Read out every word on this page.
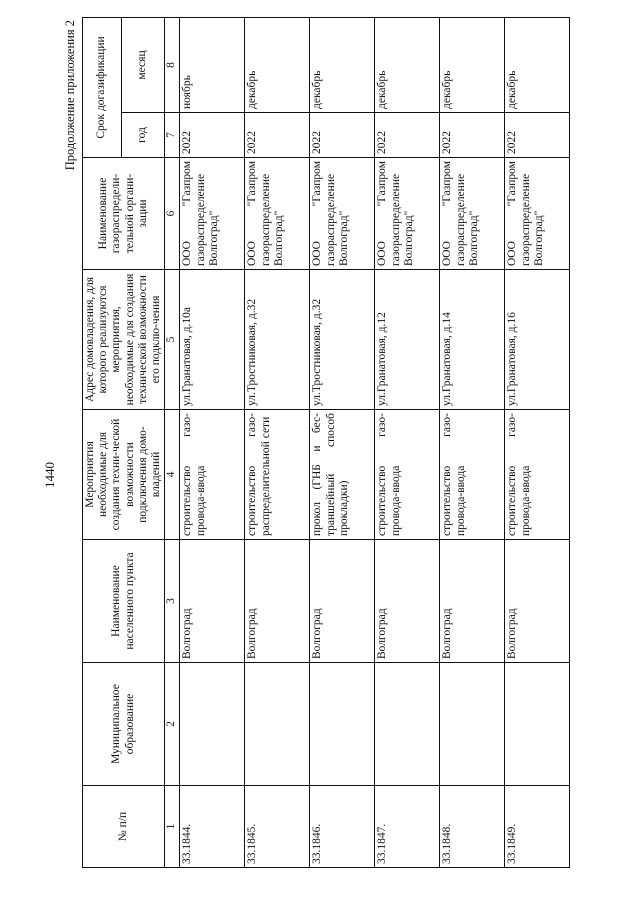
1440
Продолжение приложения 2
№ п/п	Муниципальное образование	Наименование населенного пункта	Мероприятия необходимые для создания техни-ческой возможности подключения домо-владений	Адрес домовладения, для которого реализуются мероприятия, необходимые для создания технической возможности его подклю-чения	Наименование газораспредели-тельной органи-зации	Срок догазификации	
						год	месяц
1	2	3	4	5	6	7	8
33.1844.		Волгоград	строительство газо-провода-ввода	ул.Гранатовая, д.10а	ООО "Газпром газораспределение Волгоград"	2022	ноябрь
33.1845.		Волгоград	строительство газо-распределительной сети	ул.Тростниковая, д.32	ООО "Газпром газораспределение Волгоград"	2022	декабрь
33.1846.		Волгоград	прокол (ГНБ и бес-траншейный способ прокладки)	ул.Тростниковая, д.32	ООО "Газпром газораспределение Волгоград"	2022	декабрь
33.1847.		Волгоград	строительство газо-провода-ввода	ул.Гранатовая, д.12	ООО "Газпром газораспределение Волгоград"	2022	декабрь
33.1848.		Волгоград	строительство газо-провода-ввода	ул.Гранатовая, д.14	ООО "Газпром газораспределение Волгоград"	2022	декабрь
33.1849.		Волгоград	строительство газо-провода-ввода	ул.Гранатовая, д.16	ООО "Газпром газораспределение Волгоград"	2022	декабрь
